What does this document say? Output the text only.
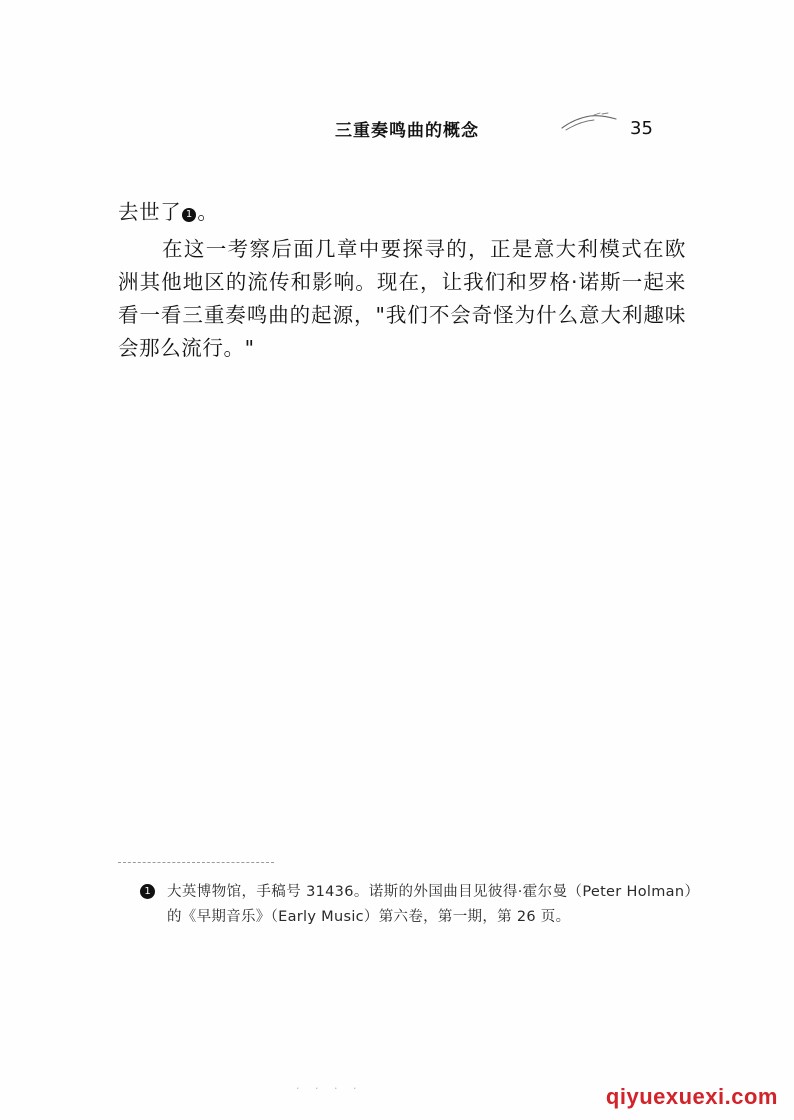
三重奏鸣曲的概念	35

去世了 1 。

在这一考察后面几章中要探寻的，正是意大利模式在欧洲其他地区的流传和影响。现在，让我们和罗格·诺斯一起来看一看三重奏鸣曲的起源，"我们不会奇怪为什么意大利趣味会那么流行。"

1 大英博物馆，手稿号 31436。诺斯的外国曲目见彼得·霍尔曼（Peter Holman）的《早期音乐》（Early Music）第六卷，第一期，第 26 页。
· · · ·	qiyuexuexi.com
